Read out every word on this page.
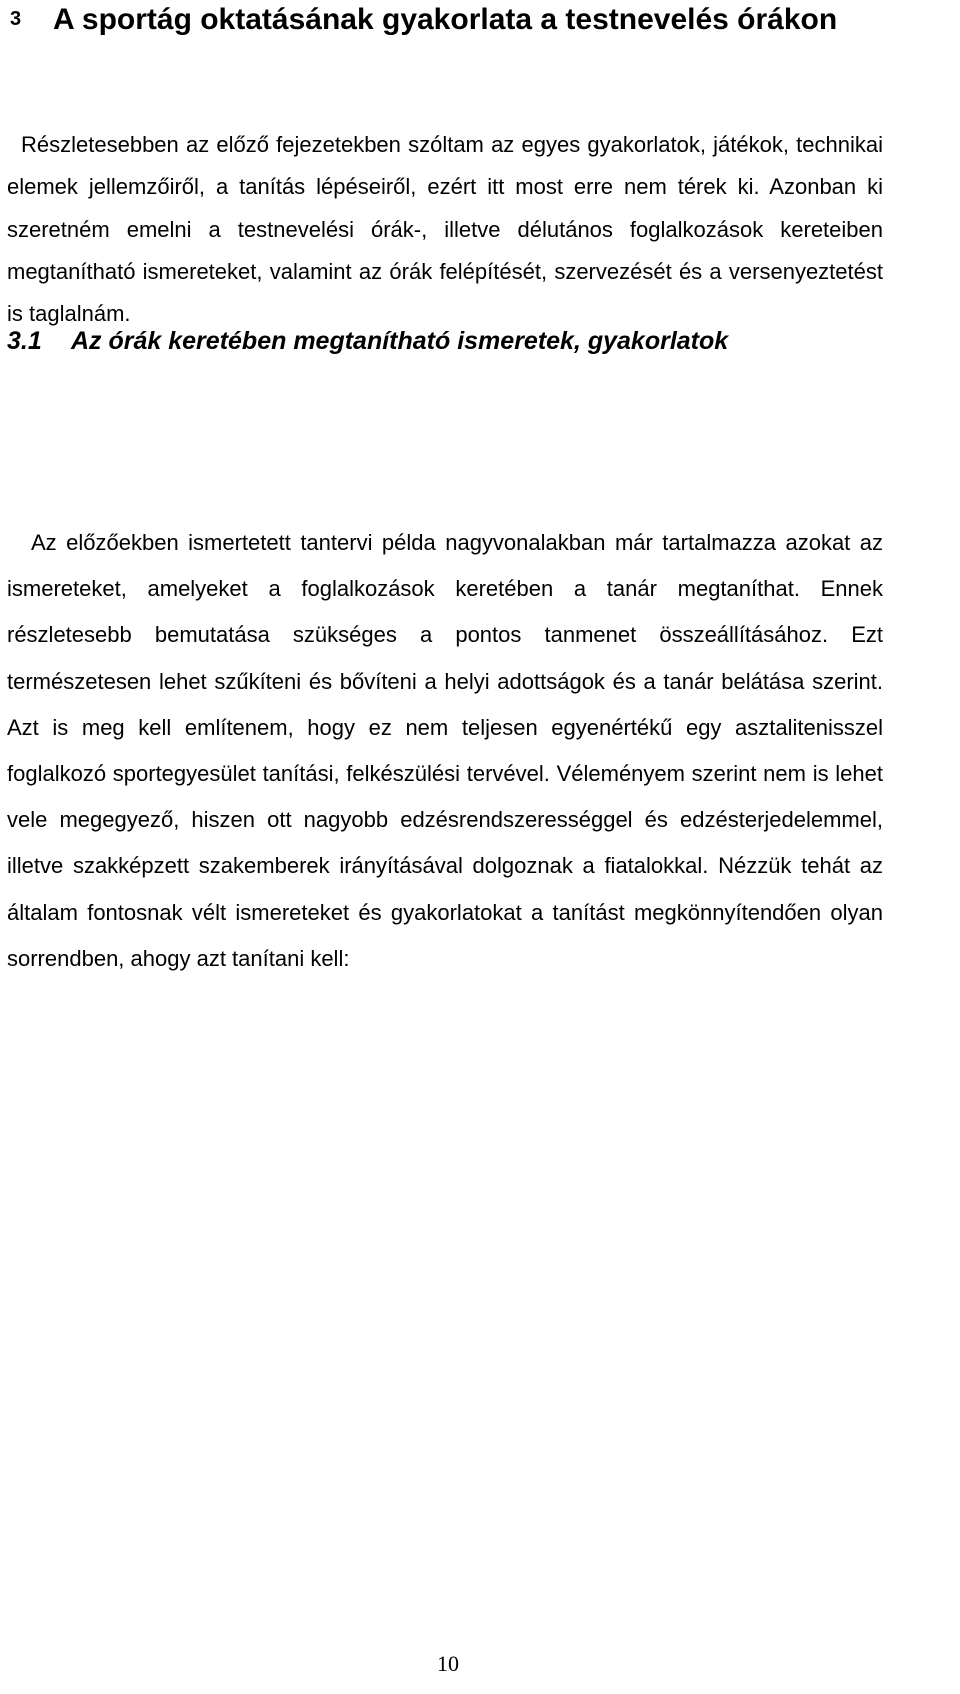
3 A sportág oktatásának gyakorlata a testnevelés órákon

Részletesebben az előző fejezetekben szóltam az egyes gyakorlatok, játékok, technikai elemek jellemzőiről, a tanítás lépéseiről, ezért itt most erre nem térek ki. Azonban ki szeretném emelni a testnevelési órák-, illetve délutános foglalkozások kereteiben megtanítható ismereteket, valamint az órák felépítését, szervezését és a versenyeztetést is taglalnám.

3.1 Az órák keretében megtanítható ismeretek, gyakorlatok

Az előzőekben ismertetett tantervi példa nagyvonalakban már tartalmazza azokat az ismereteket, amelyeket a foglalkozások keretében a tanár megtaníthat. Ennek részletesebb bemutatása szükséges a pontos tanmenet összeállításához. Ezt természetesen lehet szűkíteni és bővíteni a helyi adottságok és a tanár belátása szerint. Azt is meg kell említenem, hogy ez nem teljesen egyenértékű egy asztalitenisszel foglalkozó sportegyesület tanítási, felkészülési tervével. Véleményem szerint nem is lehet vele megegyező, hiszen ott nagyobb edzésrendszerességgel és edzésterjedelemmel, illetve szakképzett szakemberek irányításával dolgoznak a fiatalokkal. Nézzük tehát az általam fontosnak vélt ismereteket és gyakorlatokat a tanítást megkönnyítendően olyan sorrendben, ahogy azt tanítani kell:

10
